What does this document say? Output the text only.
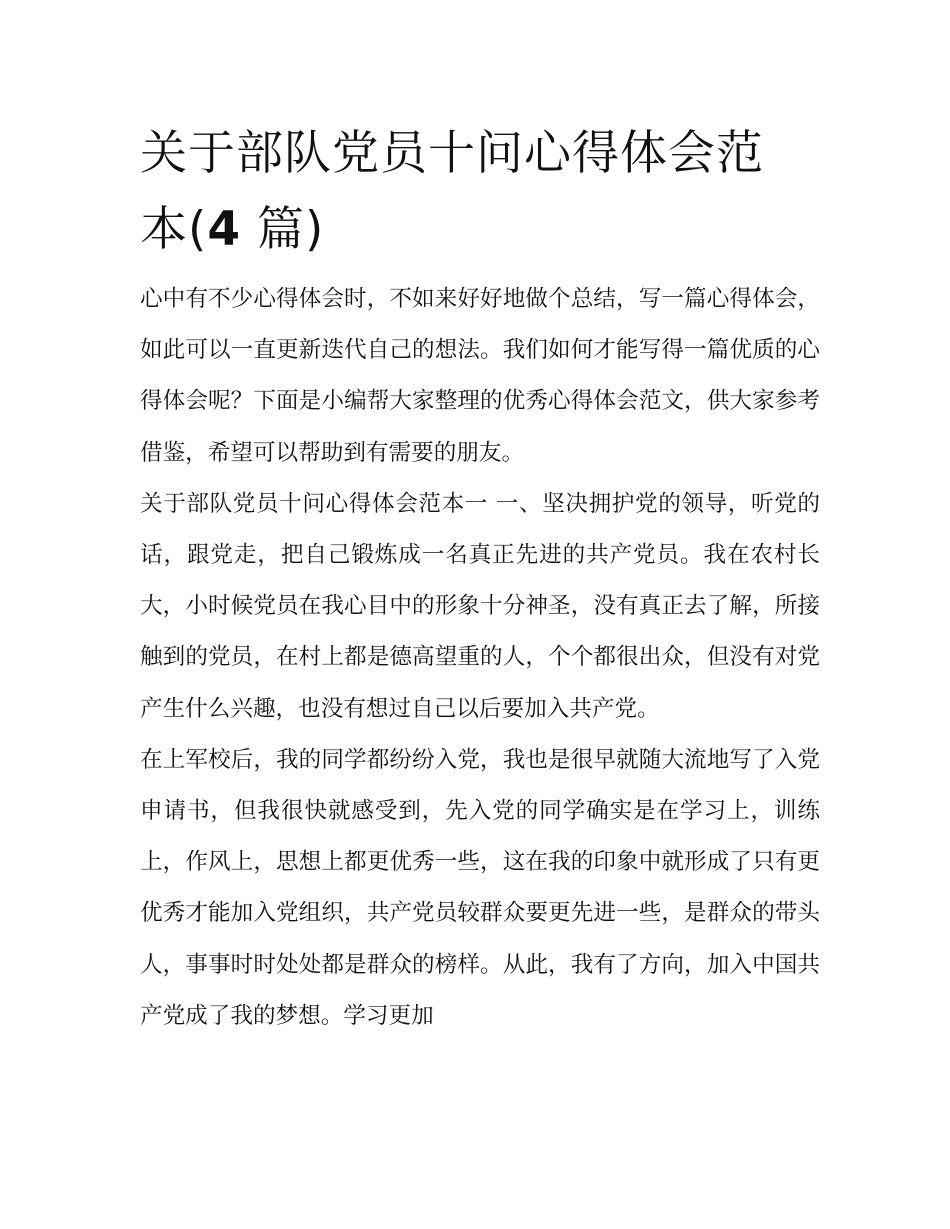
关于部队党员十问心得体会范
本(4 篇)

心中有不少心得体会时，不如来好好地做个总结，写一篇心得体会，如此可以一直更新迭代自己的想法。我们如何才能写得一篇优质的心得体会呢？下面是小编帮大家整理的优秀心得体会范文，供大家参考借鉴，希望可以帮助到有需要的朋友。

关于部队党员十问心得体会范本一 一、坚决拥护党的领导，听党的话，跟党走，把自己锻炼成一名真正先进的共产党员。我在农村长大，小时候党员在我心目中的形象十分神圣，没有真正去了解，所接触到的党员，在村上都是德高望重的人，个个都很出众，但没有对党产生什么兴趣，也没有想过自己以后要加入共产党。

在上军校后，我的同学都纷纷入党，我也是很早就随大流地写了入党申请书，但我很快就感受到，先入党的同学确实是在学习上，训练上，作风上，思想上都更优秀一些，这在我的印象中就形成了只有更优秀才能加入党组织，共产党员较群众要更先进一些，是群众的带头人，事事时时处处都是群众的榜样。从此，我有了方向，加入中国共产党成了我的梦想。学习更加
